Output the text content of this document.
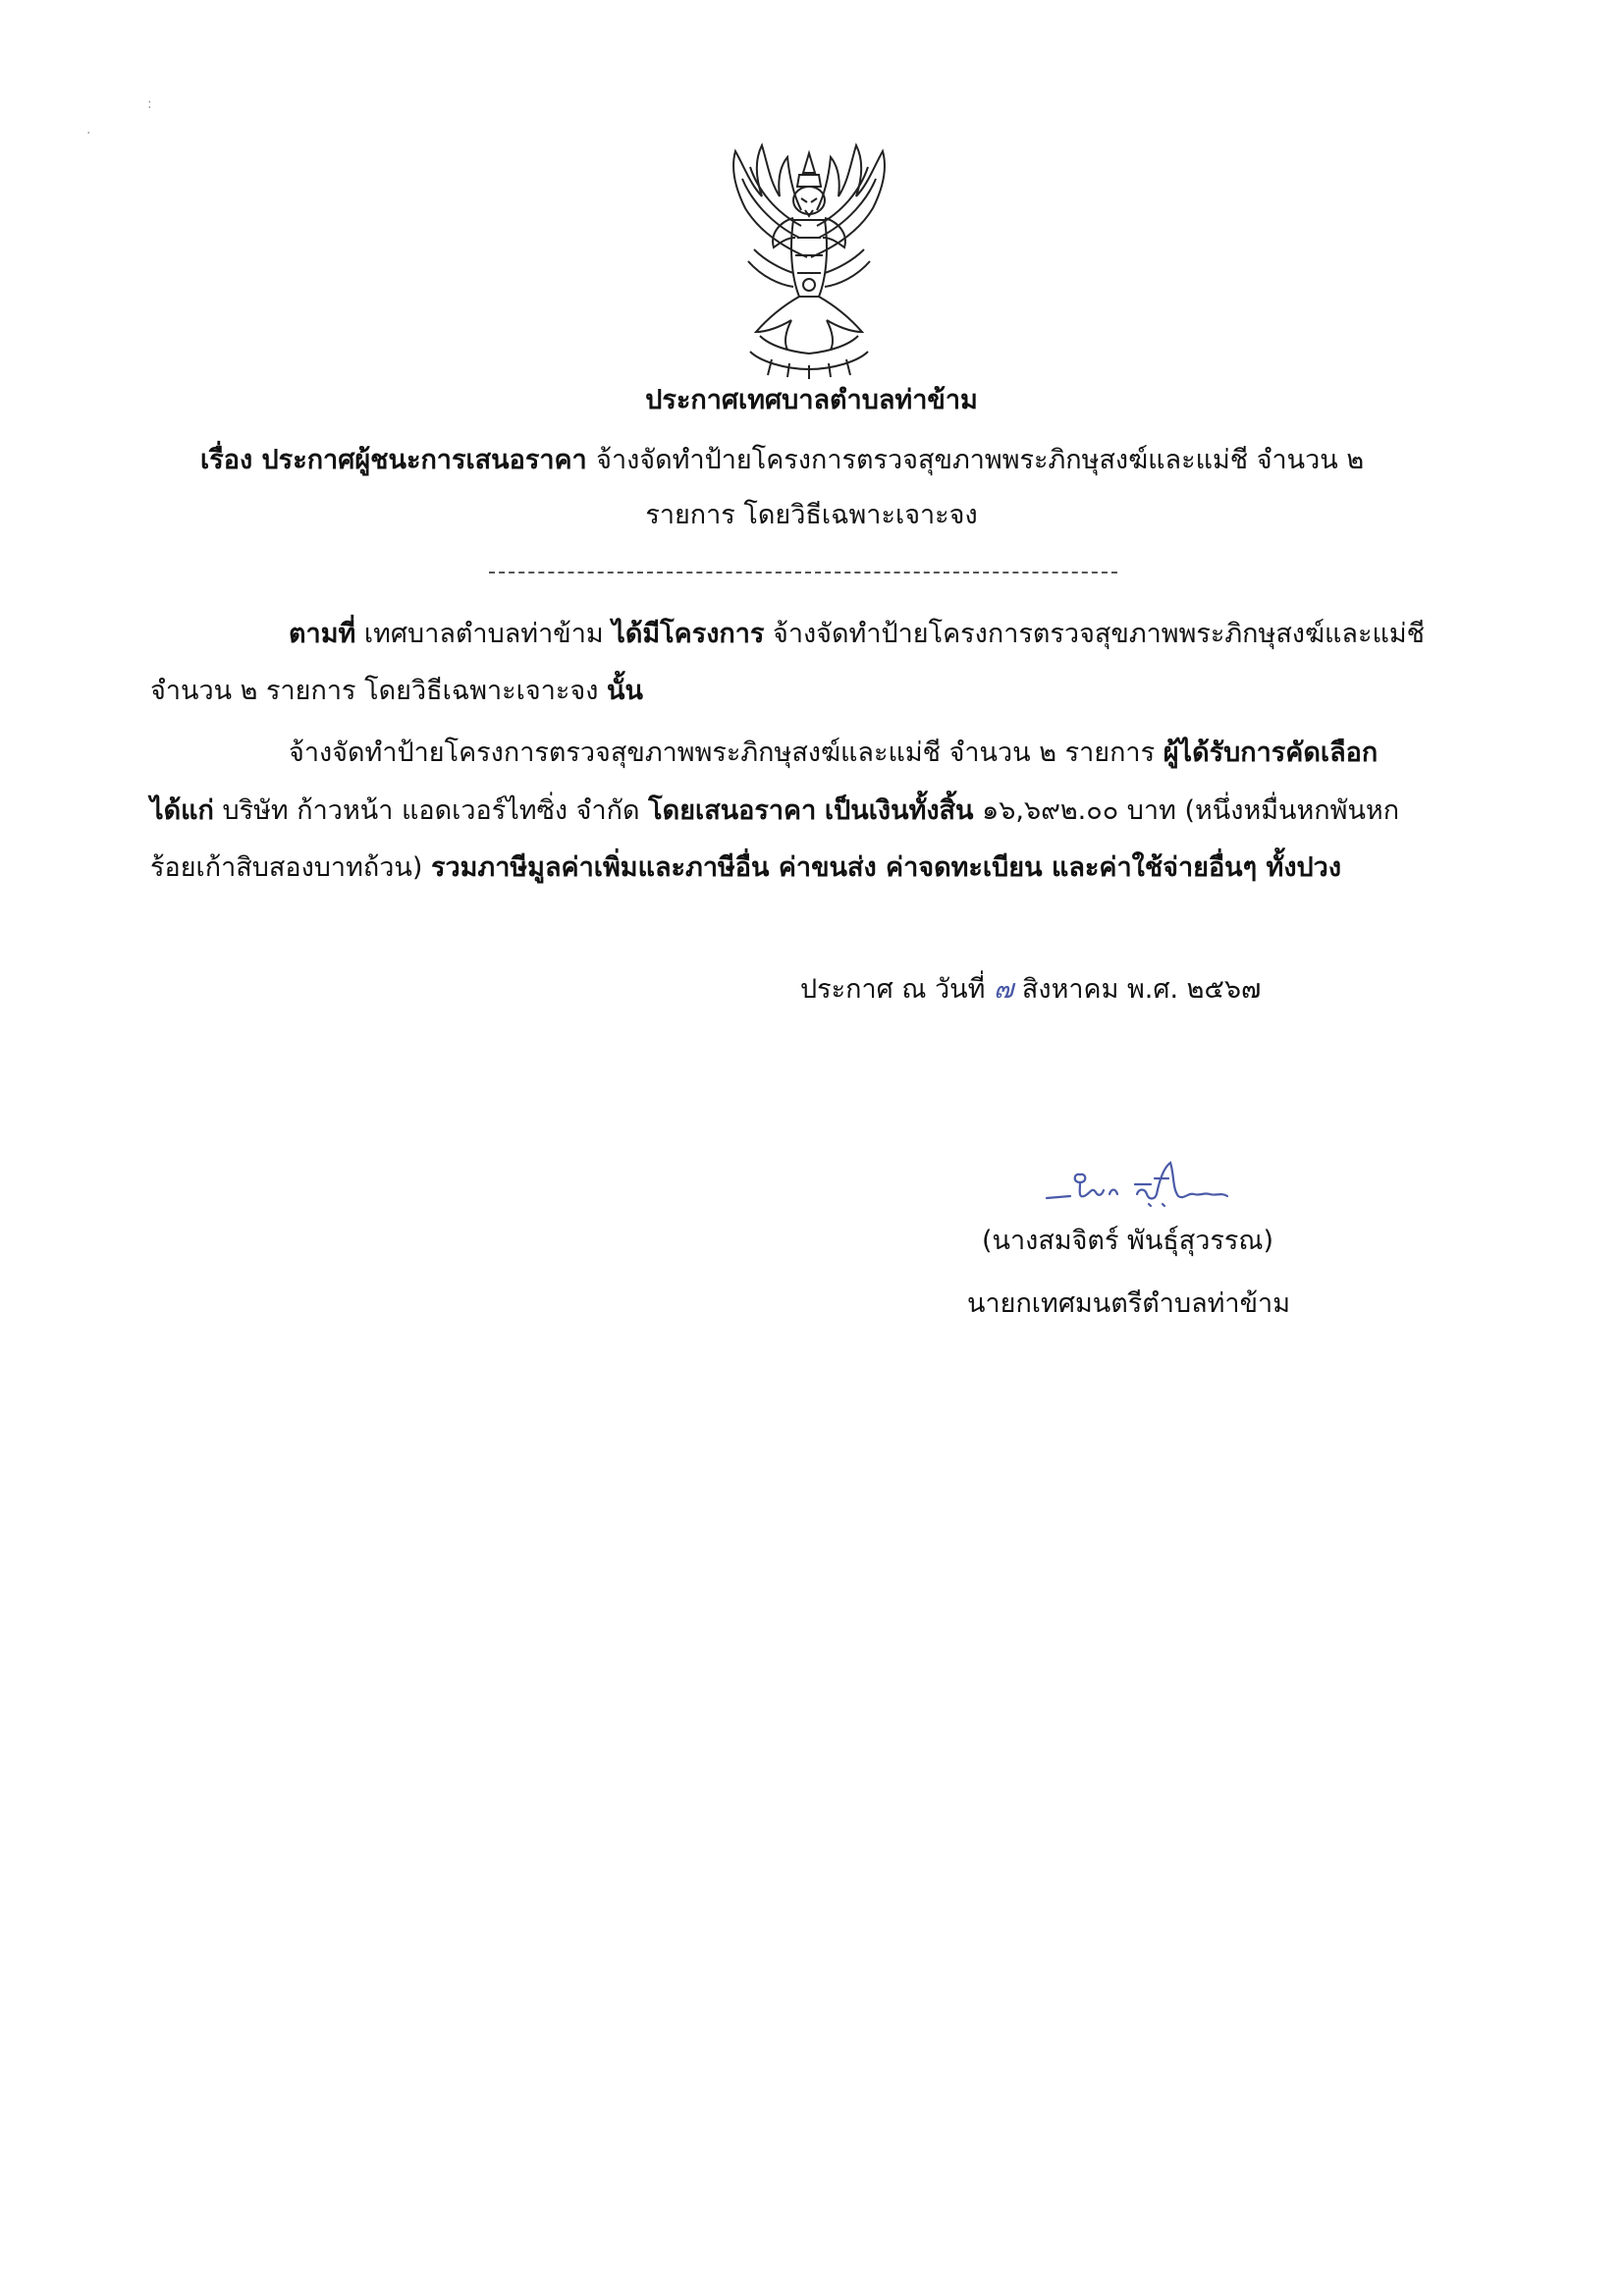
:
·
ประกาศเทศบาลตำบลท่าข้าม
เรื่อง ประกาศผู้ชนะการเสนอราคา จ้างจัดทำป้ายโครงการตรวจสุขภาพพระภิกษุสงฆ์และแม่ชี จำนวน ๒
รายการ โดยวิธีเฉพาะเจาะจง
ตามที่ เทศบาลตำบลท่าข้าม ได้มีโครงการ จ้างจัดทำป้ายโครงการตรวจสุขภาพพระภิกษุสงฆ์และแม่ชี
จำนวน ๒ รายการ โดยวิธีเฉพาะเจาะจง นั้น
จ้างจัดทำป้ายโครงการตรวจสุขภาพพระภิกษุสงฆ์และแม่ชี จำนวน ๒ รายการ ผู้ได้รับการคัดเลือก
ได้แก่ บริษัท ก้าวหน้า แอดเวอร์ไทซิ่ง จำกัด โดยเสนอราคา เป็นเงินทั้งสิ้น ๑๖,๖๙๒.๐๐ บาท (หนึ่งหมื่นหกพันหก
ร้อยเก้าสิบสองบาทถ้วน) รวมภาษีมูลค่าเพิ่มและภาษีอื่น ค่าขนส่ง ค่าจดทะเบียน และค่าใช้จ่ายอื่นๆ ทั้งปวง
ประกาศ ณ วันที่ ๗ สิงหาคม พ.ศ. ๒๕๖๗
(นางสมจิตร์ พันธุ์สุวรรณ)
นายกเทศมนตรีตำบลท่าข้าม
